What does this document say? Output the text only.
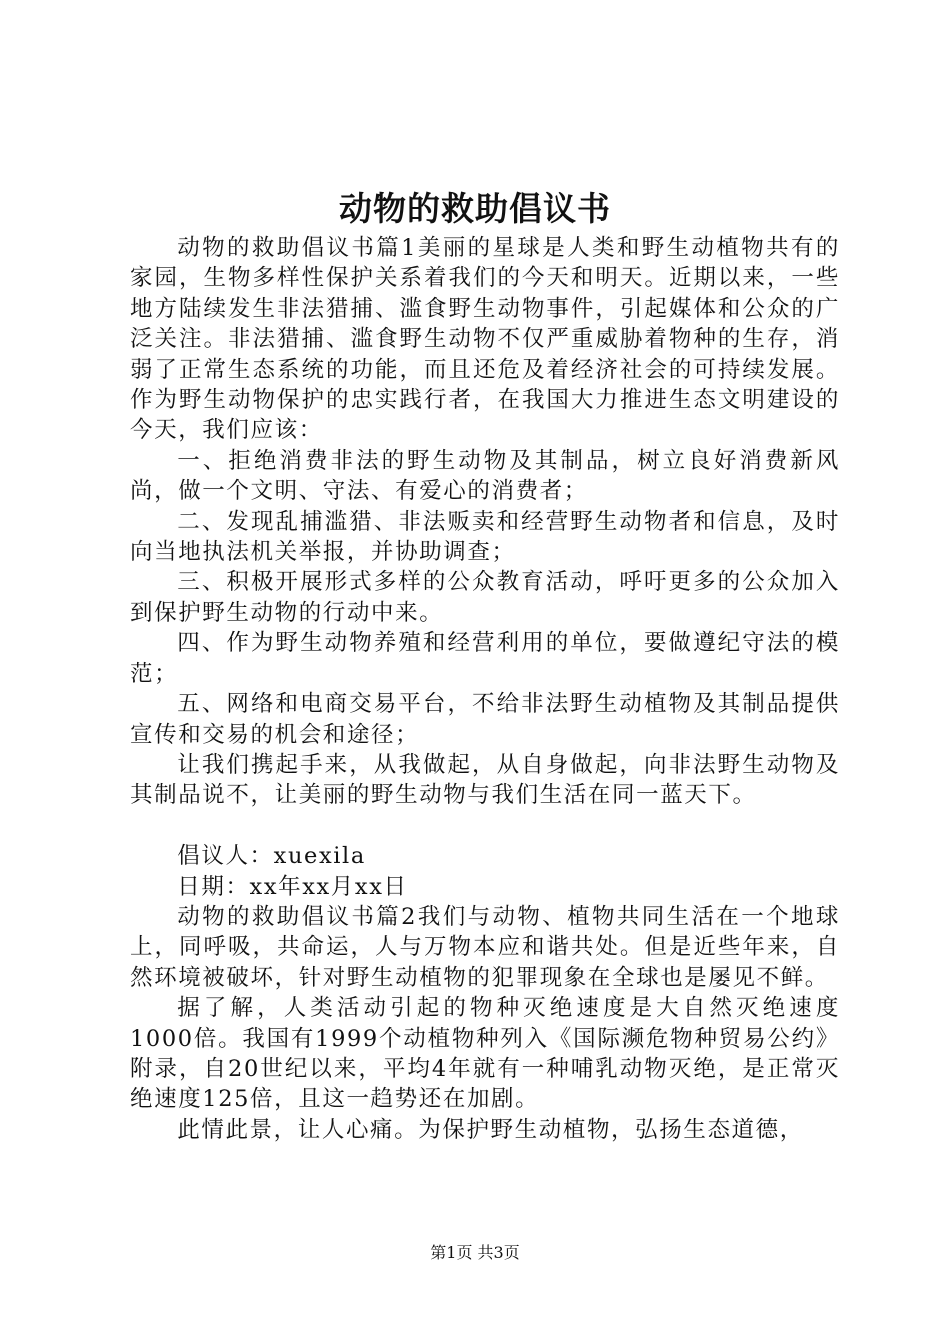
动物的救助倡议书

动物的救助倡议书篇1美丽的星球是人类和野生动植物共有的家园，生物多样性保护关系着我们的今天和明天。近期以来，一些地方陆续发生非法猎捕、滥食野生动物事件，引起媒体和公众的广泛关注。非法猎捕、滥食野生动物不仅严重威胁着物种的生存，消弱了正常生态系统的功能，而且还危及着经济社会的可持续发展。作为野生动物保护的忠实践行者，在我国大力推进生态文明建设的今天，我们应该：

一、拒绝消费非法的野生动物及其制品，树立良好消费新风尚，做一个文明、守法、有爱心的消费者；

二、发现乱捕滥猎、非法贩卖和经营野生动物者和信息，及时向当地执法机关举报，并协助调查；

三、积极开展形式多样的公众教育活动，呼吁更多的公众加入到保护野生动物的行动中来。

四、作为野生动物养殖和经营利用的单位，要做遵纪守法的模范；

五、网络和电商交易平台，不给非法野生动植物及其制品提供宣传和交易的机会和途径；

让我们携起手来，从我做起，从自身做起，向非法野生动物及其制品说不，让美丽的野生动物与我们生活在同一蓝天下。

倡议人：xuexila

日期：xx年xx月xx日

动物的救助倡议书篇2我们与动物、植物共同生活在一个地球上，同呼吸，共命运，人与万物本应和谐共处。但是近些年来，自然环境被破坏，针对野生动植物的犯罪现象在全球也是屡见不鲜。

据了解，人类活动引起的物种灭绝速度是大自然灭绝速度1000倍。我国有1999个动植物种列入《国际濒危物种贸易公约》附录，自20世纪以来，平均4年就有一种哺乳动物灭绝，是正常灭绝速度125倍，且这一趋势还在加剧。

此情此景，让人心痛。为保护野生动植物，弘扬生态道德，

第1页 共3页
